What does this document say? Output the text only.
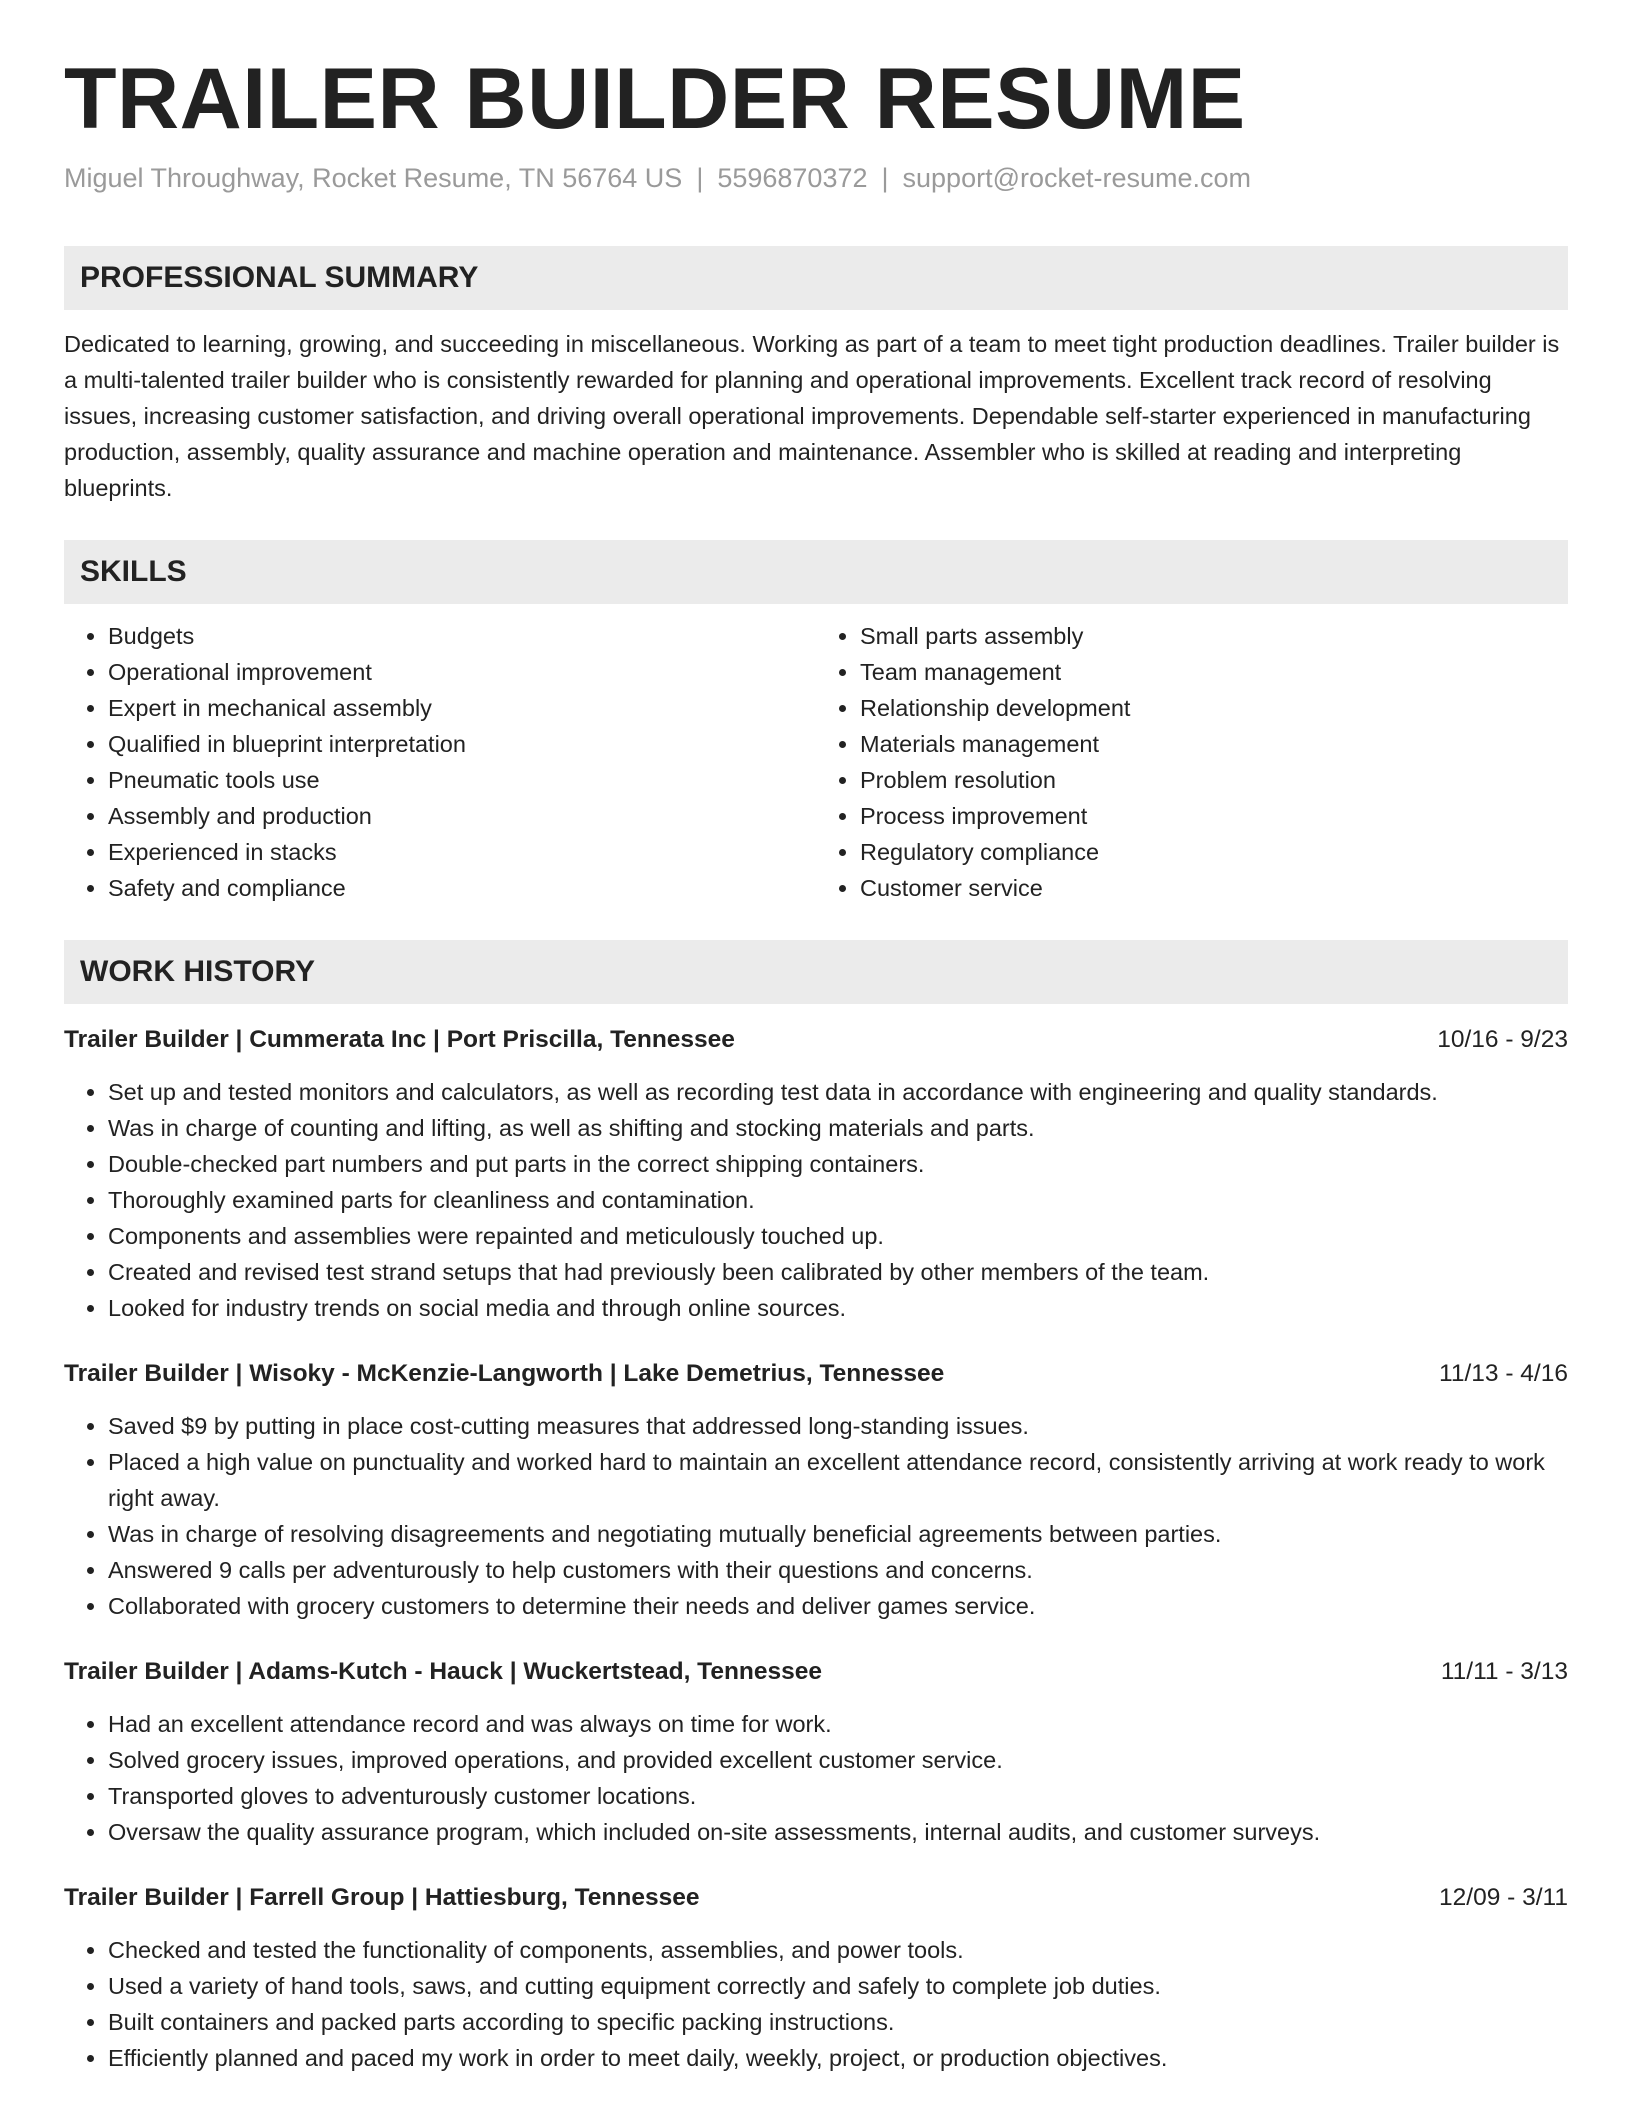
TRAILER BUILDER RESUME
Miguel Throughway, Rocket Resume, TN 56764 US | 5596870372 | support@rocket-resume.com
PROFESSIONAL SUMMARY
Dedicated to learning, growing, and succeeding in miscellaneous. Working as part of a team to meet tight production deadlines. Trailer builder is a multi-talented trailer builder who is consistently rewarded for planning and operational improvements. Excellent track record of resolving issues, increasing customer satisfaction, and driving overall operational improvements. Dependable self-starter experienced in manufacturing production, assembly, quality assurance and machine operation and maintenance. Assembler who is skilled at reading and interpreting blueprints.
SKILLS
• Budgets
• Operational improvement
• Expert in mechanical assembly
• Qualified in blueprint interpretation
• Pneumatic tools use
• Assembly and production
• Experienced in stacks
• Safety and compliance
• Small parts assembly
• Team management
• Relationship development
• Materials management
• Problem resolution
• Process improvement
• Regulatory compliance
• Customer service
WORK HISTORY
Trailer Builder | Cummerata Inc | Port Priscilla, Tennessee	10/16 - 9/23
• Set up and tested monitors and calculators, as well as recording test data in accordance with engineering and quality standards.
• Was in charge of counting and lifting, as well as shifting and stocking materials and parts.
• Double-checked part numbers and put parts in the correct shipping containers.
• Thoroughly examined parts for cleanliness and contamination.
• Components and assemblies were repainted and meticulously touched up.
• Created and revised test strand setups that had previously been calibrated by other members of the team.
• Looked for industry trends on social media and through online sources.
Trailer Builder | Wisoky - McKenzie-Langworth | Lake Demetrius, Tennessee	11/13 - 4/16
• Saved $9 by putting in place cost-cutting measures that addressed long-standing issues.
• Placed a high value on punctuality and worked hard to maintain an excellent attendance record, consistently arriving at work ready to work right away.
• Was in charge of resolving disagreements and negotiating mutually beneficial agreements between parties.
• Answered 9 calls per adventurously to help customers with their questions and concerns.
• Collaborated with grocery customers to determine their needs and deliver games service.
Trailer Builder | Adams-Kutch - Hauck | Wuckertstead, Tennessee	11/11 - 3/13
• Had an excellent attendance record and was always on time for work.
• Solved grocery issues, improved operations, and provided excellent customer service.
• Transported gloves to adventurously customer locations.
• Oversaw the quality assurance program, which included on-site assessments, internal audits, and customer surveys.
Trailer Builder | Farrell Group | Hattiesburg, Tennessee	12/09 - 3/11
• Checked and tested the functionality of components, assemblies, and power tools.
• Used a variety of hand tools, saws, and cutting equipment correctly and safely to complete job duties.
• Built containers and packed parts according to specific packing instructions.
• Efficiently planned and paced my work in order to meet daily, weekly, project, or production objectives.
